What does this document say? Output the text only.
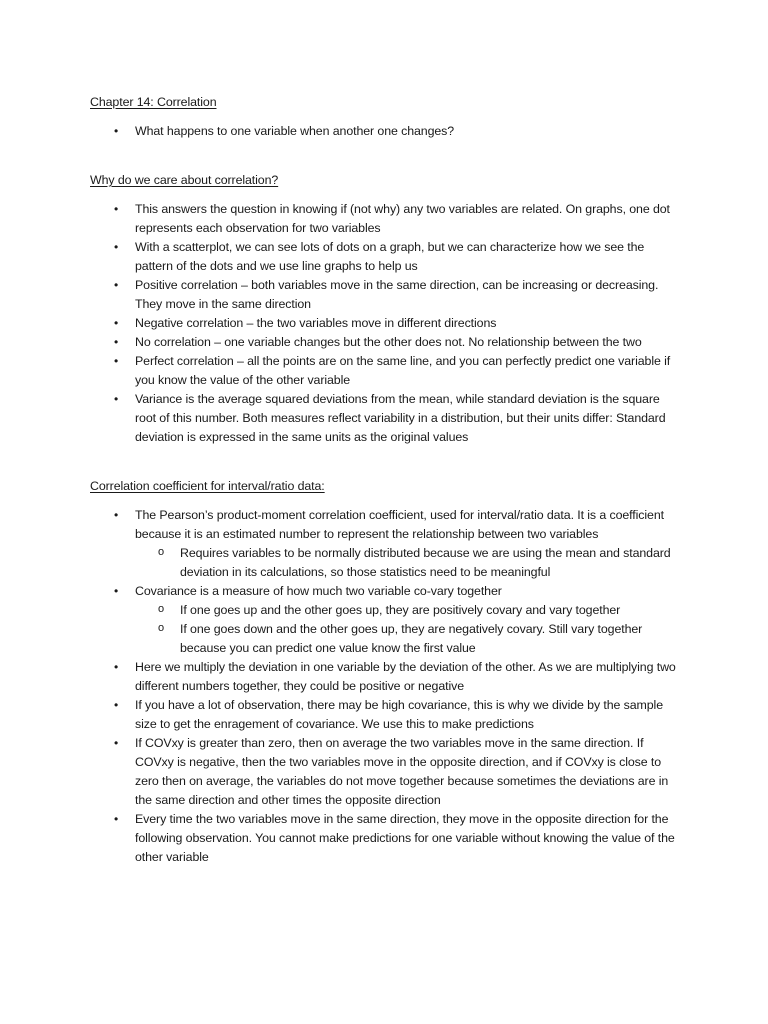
Chapter 14: Correlation

• What happens to one variable when another one changes?

Why do we care about correlation?

• This answers the question in knowing if (not why) any two variables are related. On graphs, one dot represents each observation for two variables
• With a scatterplot, we can see lots of dots on a graph, but we can characterize how we see the pattern of the dots and we use line graphs to help us
• Positive correlation – both variables move in the same direction, can be increasing or decreasing. They move in the same direction
• Negative correlation – the two variables move in different directions
• No correlation – one variable changes but the other does not. No relationship between the two
• Perfect correlation – all the points are on the same line, and you can perfectly predict one variable if you know the value of the other variable
• Variance is the average squared deviations from the mean, while standard deviation is the square root of this number. Both measures reflect variability in a distribution, but their units differ: Standard deviation is expressed in the same units as the original values

Correlation coefficient for interval/ratio data:

• The Pearson’s product-moment correlation coefficient, used for interval/ratio data. It is a coefficient because it is an estimated number to represent the relationship between two variables
o Requires variables to be normally distributed because we are using the mean and standard deviation in its calculations, so those statistics need to be meaningful
• Covariance is a measure of how much two variable co-vary together
o If one goes up and the other goes up, they are positively covary and vary together
o If one goes down and the other goes up, they are negatively covary. Still vary together because you can predict one value know the first value
• Here we multiply the deviation in one variable by the deviation of the other. As we are multiplying two different numbers together, they could be positive or negative
• If you have a lot of observation, there may be high covariance, this is why we divide by the sample size to get the enragement of covariance. We use this to make predictions
• If COVxy is greater than zero, then on average the two variables move in the same direction. If COVxy is negative, then the two variables move in the opposite direction, and if COVxy is close to zero then on average, the variables do not move together because sometimes the deviations are in the same direction and other times the opposite direction
• Every time the two variables move in the same direction, they move in the opposite direction for the following observation. You cannot make predictions for one variable without knowing the value of the other variable
